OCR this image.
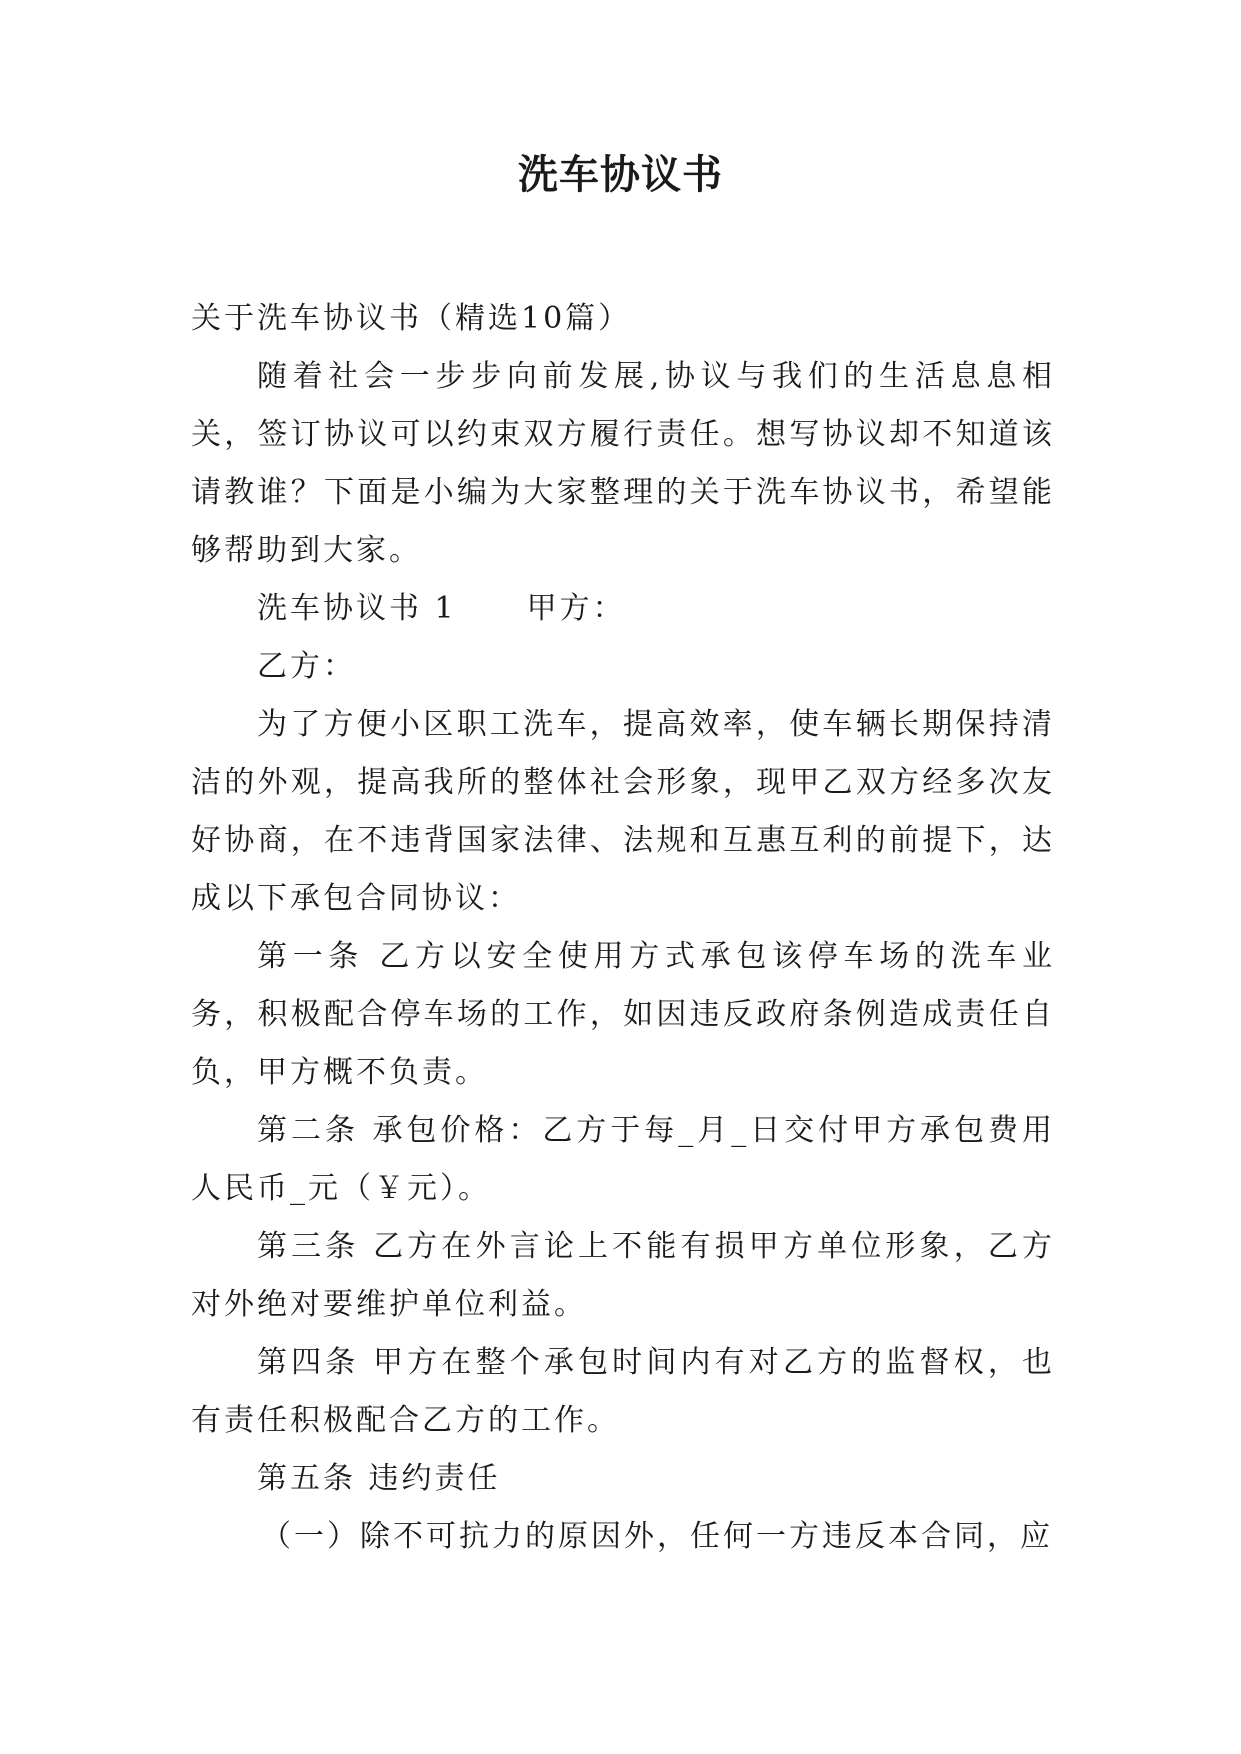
洗车协议书

关于洗车协议书（精选10篇）

随着社会一步步向前发展,协议与我们的生活息息相关，签订协议可以约束双方履行责任。想写协议却不知道该请教谁？下面是小编为大家整理的关于洗车协议书，希望能够帮助到大家。

洗车协议书 1 甲方：

乙方：

为了方便小区职工洗车，提高效率，使车辆长期保持清洁的外观，提高我所的整体社会形象，现甲乙双方经多次友好协商，在不违背国家法律、法规和互惠互利的前提下，达成以下承包合同协议：

第一条 乙方以安全使用方式承包该停车场的洗车业务，积极配合停车场的工作，如因违反政府条例造成责任自负，甲方概不负责。

第二条 承包价格：乙方于每_月_日交付甲方承包费用人民币_元（￥元）。

第三条 乙方在外言论上不能有损甲方单位形象，乙方对外绝对要维护单位利益。

第四条 甲方在整个承包时间内有对乙方的监督权，也有责任积极配合乙方的工作。

第五条 违约责任

（一）除不可抗力的原因外，任何一方违反本合同，应
